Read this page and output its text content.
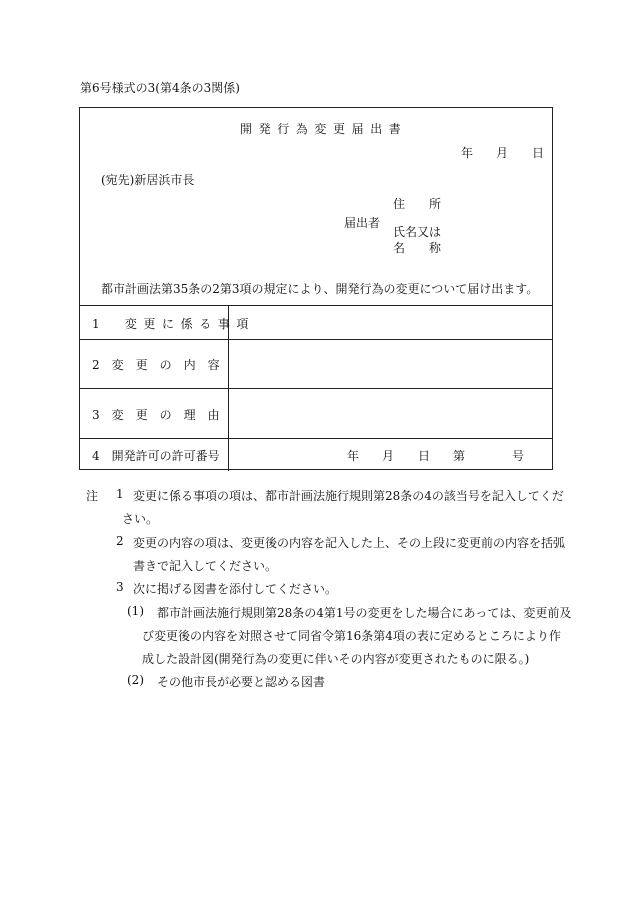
第6号様式の3(第4条の3関係)
開発行為変更届出書
年 月 日
(宛先)新居浜市長
住　　所
届出者
氏名又は
名　　称
都市計画法第35条の2第3項の規定により、開発行為の変更について届け出ます。
1　変更に係る事項
2　変　更　の　内　容
3　変　更　の　理　由
4　開発許可の許可番号	年 月 日 第	号
注 1 変更に係る事項の項は、都市計画法施行規則第28条の4の該当号を記入してくだ
さい。
2 変更の内容の項は、変更後の内容を記入した上、その上段に変更前の内容を括弧
書きで記入してください。
3 次に掲げる図書を添付してください。
(1) 都市計画法施行規則第28条の4第1号の変更をした場合にあっては、変更前及
び変更後の内容を対照させて同省令第16条第4項の表に定めるところにより作
成した設計図(開発行為の変更に伴いその内容が変更されたものに限る。)
(2) その他市長が必要と認める図書
